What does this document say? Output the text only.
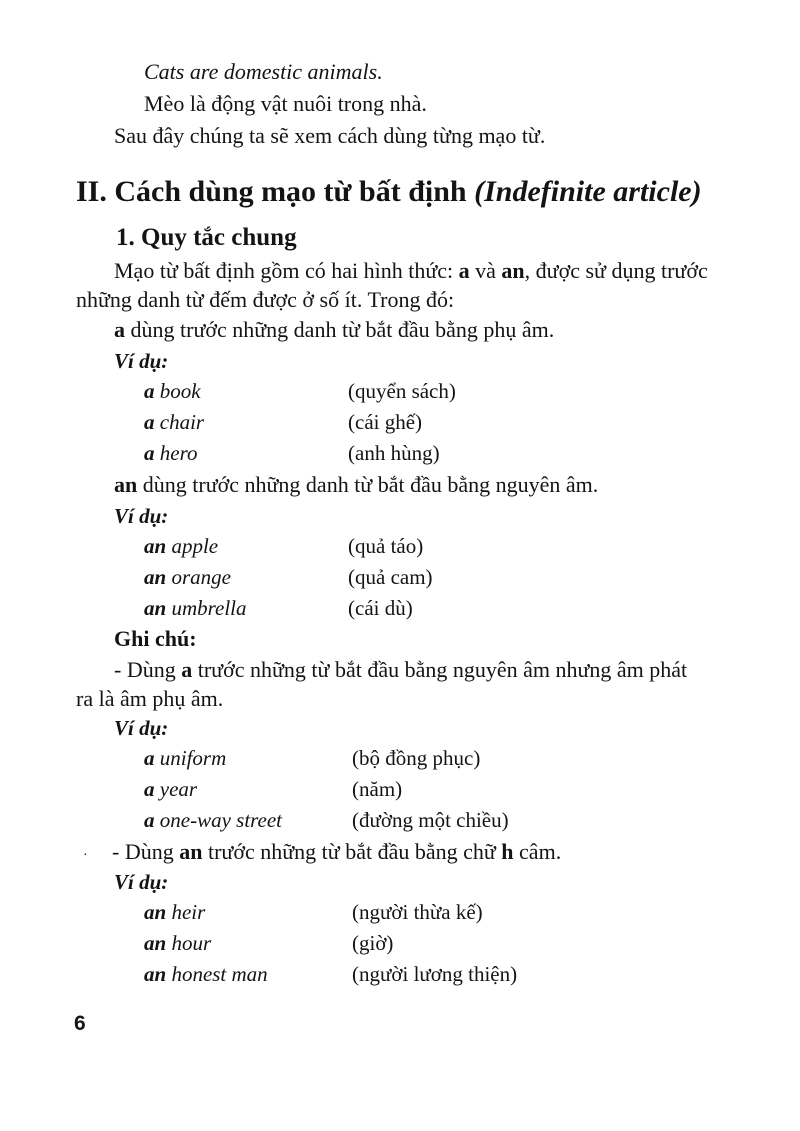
Cats are domestic animals.
Mèo là động vật nuôi trong nhà.
Sau đây chúng ta sẽ xem cách dùng từng mạo từ.
II. Cách dùng mạo từ bất định (Indefinite article)
1. Quy tắc chung
Mạo từ bất định gồm có hai hình thức: a và an, được sử dụng trước
những danh từ đếm được ở số ít. Trong đó:
a dùng trước những danh từ bắt đầu bằng phụ âm.
Ví dụ:
a book	(quyển sách)
a chair	(cái ghế)
a hero	(anh hùng)
an dùng trước những danh từ bắt đầu bằng nguyên âm.
Ví dụ:
an apple	(quả táo)
an orange	(quả cam)
an umbrella	(cái dù)
Ghi chú:
- Dùng a trước những từ bắt đầu bằng nguyên âm nhưng âm phát
ra là âm phụ âm.
Ví dụ:
a uniform	(bộ đồng phục)
a year	(năm)
a one-way street	(đường một chiều)
· - Dùng an trước những từ bắt đầu bằng chữ h câm.
Ví dụ:
an heir	(người thừa kế)
an hour	(giờ)
an honest man	(người lương thiện)
6
